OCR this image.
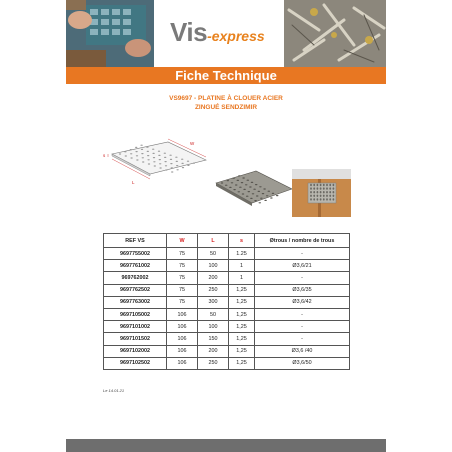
Vis-express
Fiche Technique
VS9697 - PLATINE À CLOUER ACIER
ZINGUÉ SENDZIMIR
W
L
s
REF VS	W	L	s	Øtrous / nombre de trous
9697755002	75	50	1.25	-
9697761002	75	100	1	Ø3,6/21
969762002	75	200	1	-
9697762502	75	250	1,25	Ø3,6/35
9697763002	75	300	1,25	Ø3,6/42
9697105002	106	50	1,25	-
9697101002	106	100	1,25	-
9697101502	106	150	1,25	-
9697102002	106	200	1,25	Ø3,6 /40
9697102502	106	250	1,25	Ø3,6/50
Le 14.01.21
